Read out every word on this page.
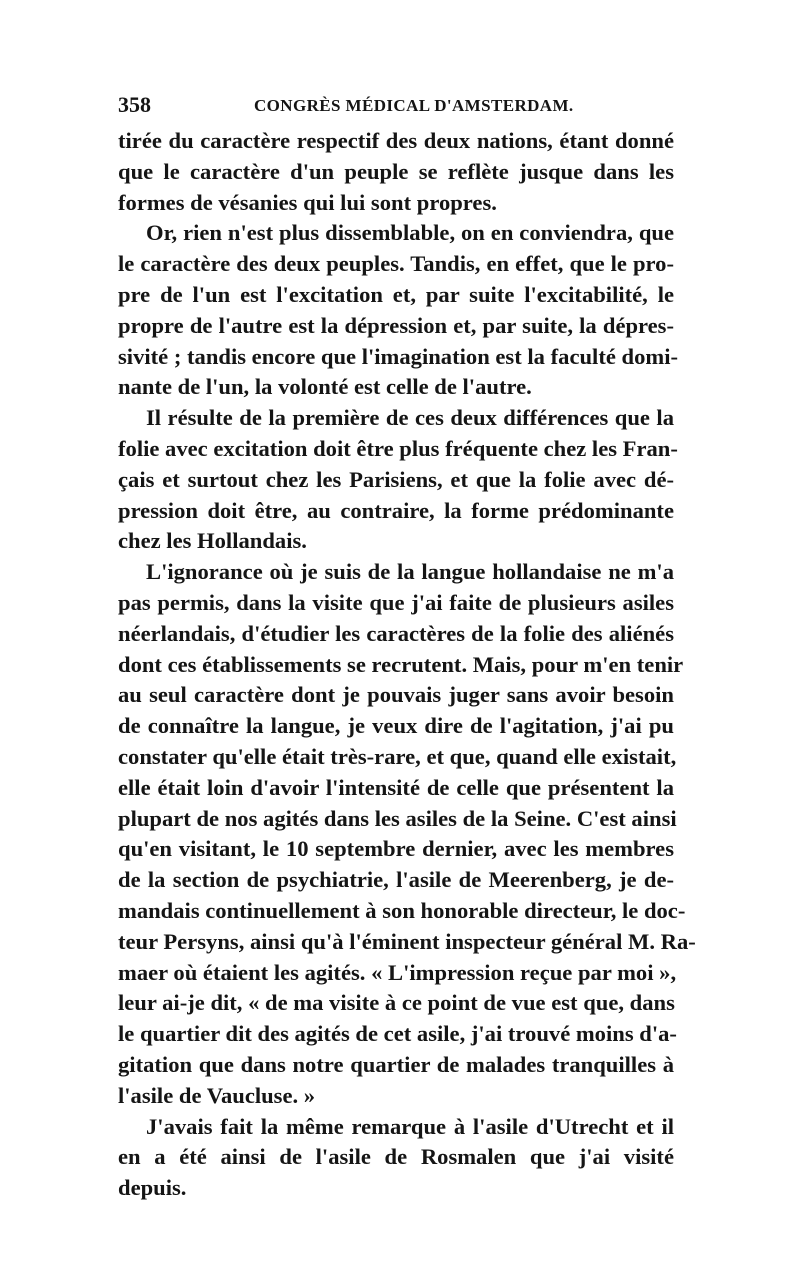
358	CONGRÈS MÉDICAL D'AMSTERDAM.
tirée du caractère respectif des deux nations, étant donné
que le caractère d'un peuple se reflète jusque dans les
formes de vésanies qui lui sont propres.
Or, rien n'est plus dissemblable, on en conviendra, que
le caractère des deux peuples. Tandis, en effet, que le pro-
pre de l'un est l'excitation et, par suite l'excitabilité, le
propre de l'autre est la dépression et, par suite, la dépres-
sivité ; tandis encore que l'imagination est la faculté domi-
nante de l'un, la volonté est celle de l'autre.
Il résulte de la première de ces deux différences que la
folie avec excitation doit être plus fréquente chez les Fran-
çais et surtout chez les Parisiens, et que la folie avec dé-
pression doit être, au contraire, la forme prédominante
chez les Hollandais.
L'ignorance où je suis de la langue hollandaise ne m'a
pas permis, dans la visite que j'ai faite de plusieurs asiles
néerlandais, d'étudier les caractères de la folie des aliénés
dont ces établissements se recrutent. Mais, pour m'en tenir
au seul caractère dont je pouvais juger sans avoir besoin
de connaître la langue, je veux dire de l'agitation, j'ai pu
constater qu'elle était très-rare, et que, quand elle existait,
elle était loin d'avoir l'intensité de celle que présentent la
plupart de nos agités dans les asiles de la Seine. C'est ainsi
qu'en visitant, le 10 septembre dernier, avec les membres
de la section de psychiatrie, l'asile de Meerenberg, je de-
mandais continuellement à son honorable directeur, le doc-
teur Persyns, ainsi qu'à l'éminent inspecteur général M. Ra-
maer où étaient les agités. « L'impression reçue par moi »,
leur ai-je dit, « de ma visite à ce point de vue est que, dans
le quartier dit des agités de cet asile, j'ai trouvé moins d'a-
gitation que dans notre quartier de malades tranquilles à
l'asile de Vaucluse. »
J'avais fait la même remarque à l'asile d'Utrecht et il
en a été ainsi de l'asile de Rosmalen que j'ai visité
depuis.
